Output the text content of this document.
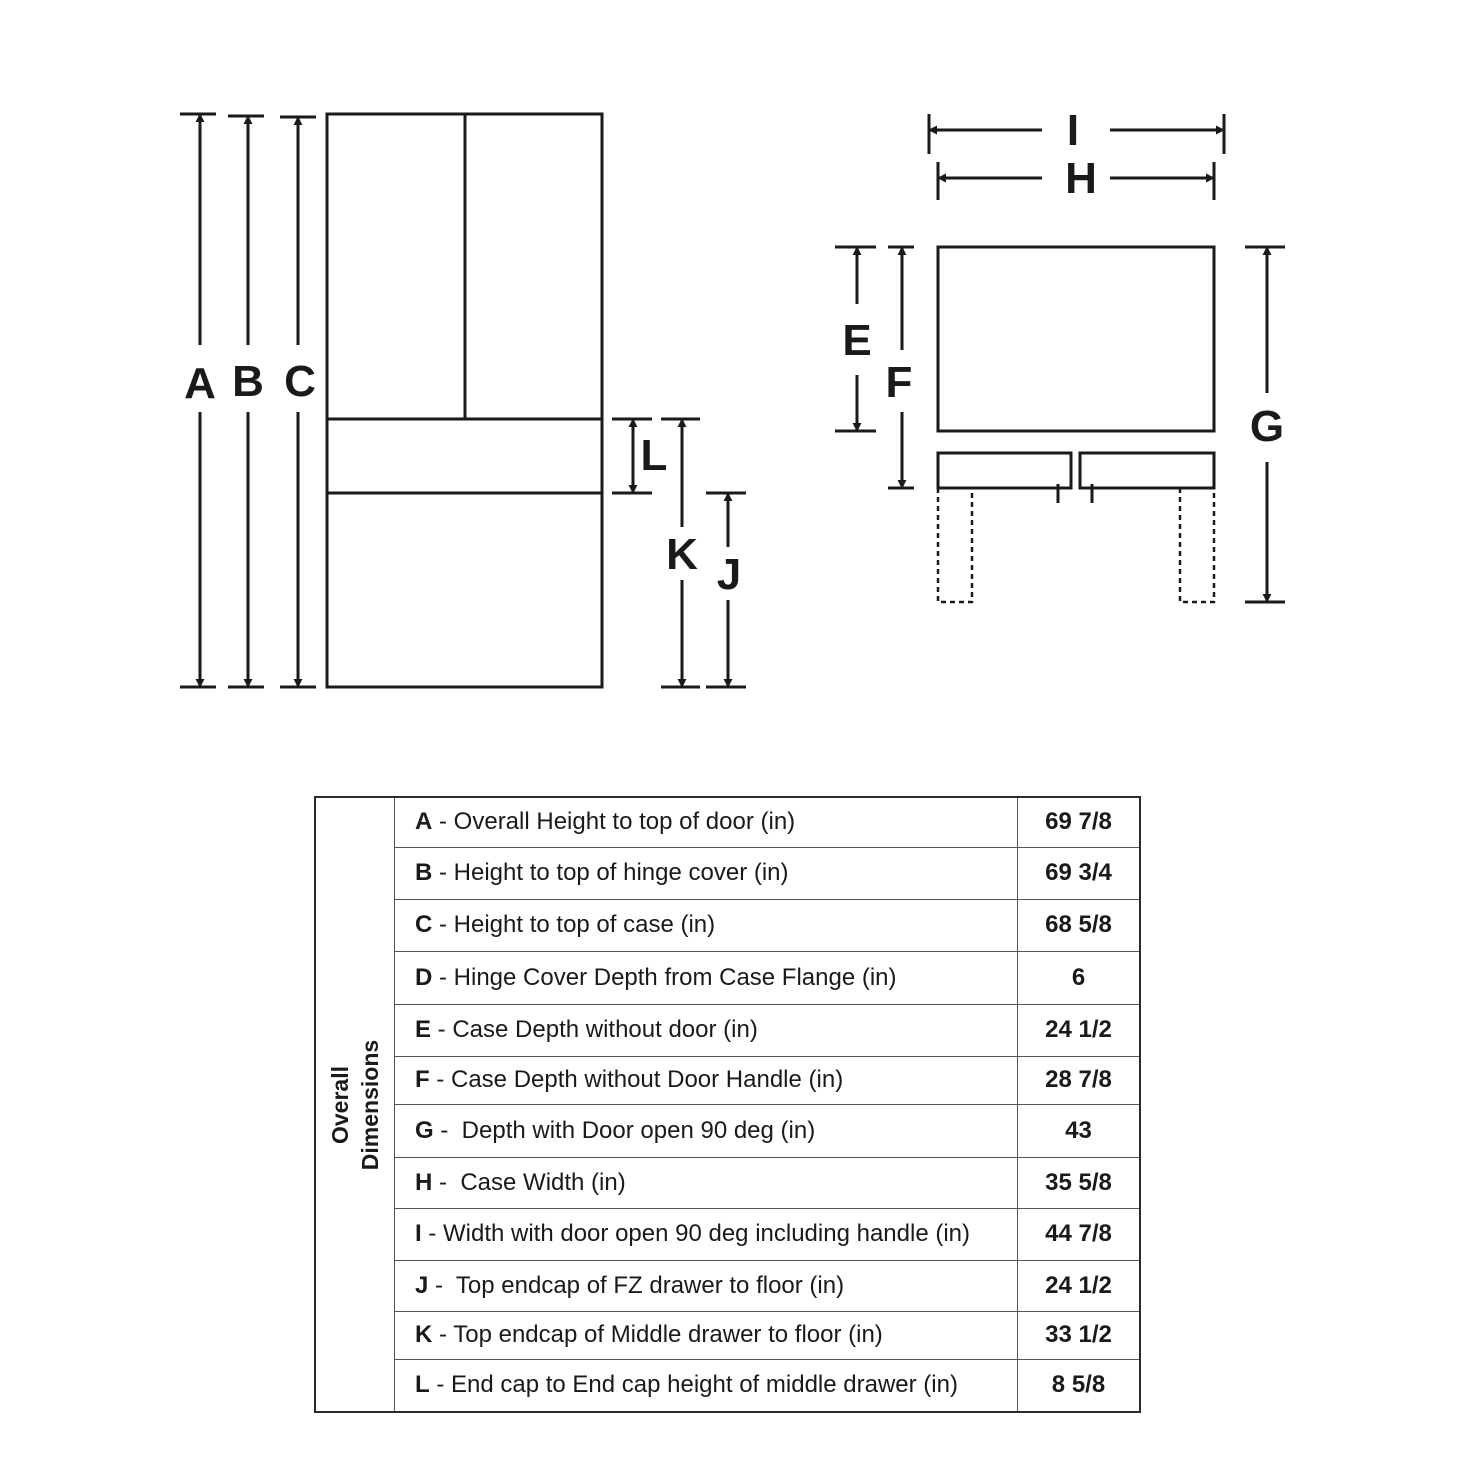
A B C
L
K J
I
H
E
F
G
Overall
Dimensions	A - Overall Height to top of door (in)	69 7/8
	B - Height to top of hinge cover (in)	69 3/4
	C - Height to top of case (in)	68 5/8
	D - Hinge Cover Depth from Case Flange (in)	6
	E - Case Depth without door (in)	24 1/2
	F - Case Depth without Door Handle (in)	28 7/8
	G -  Depth with Door open 90 deg (in)	43
	H -  Case Width (in)	35 5/8
	I - Width with door open 90 deg including handle (in)	44 7/8
	J -  Top endcap of FZ drawer to floor (in)	24 1/2
	K - Top endcap of Middle drawer to floor (in)	33 1/2
	L - End cap to End cap height of middle drawer (in)	8 5/8
